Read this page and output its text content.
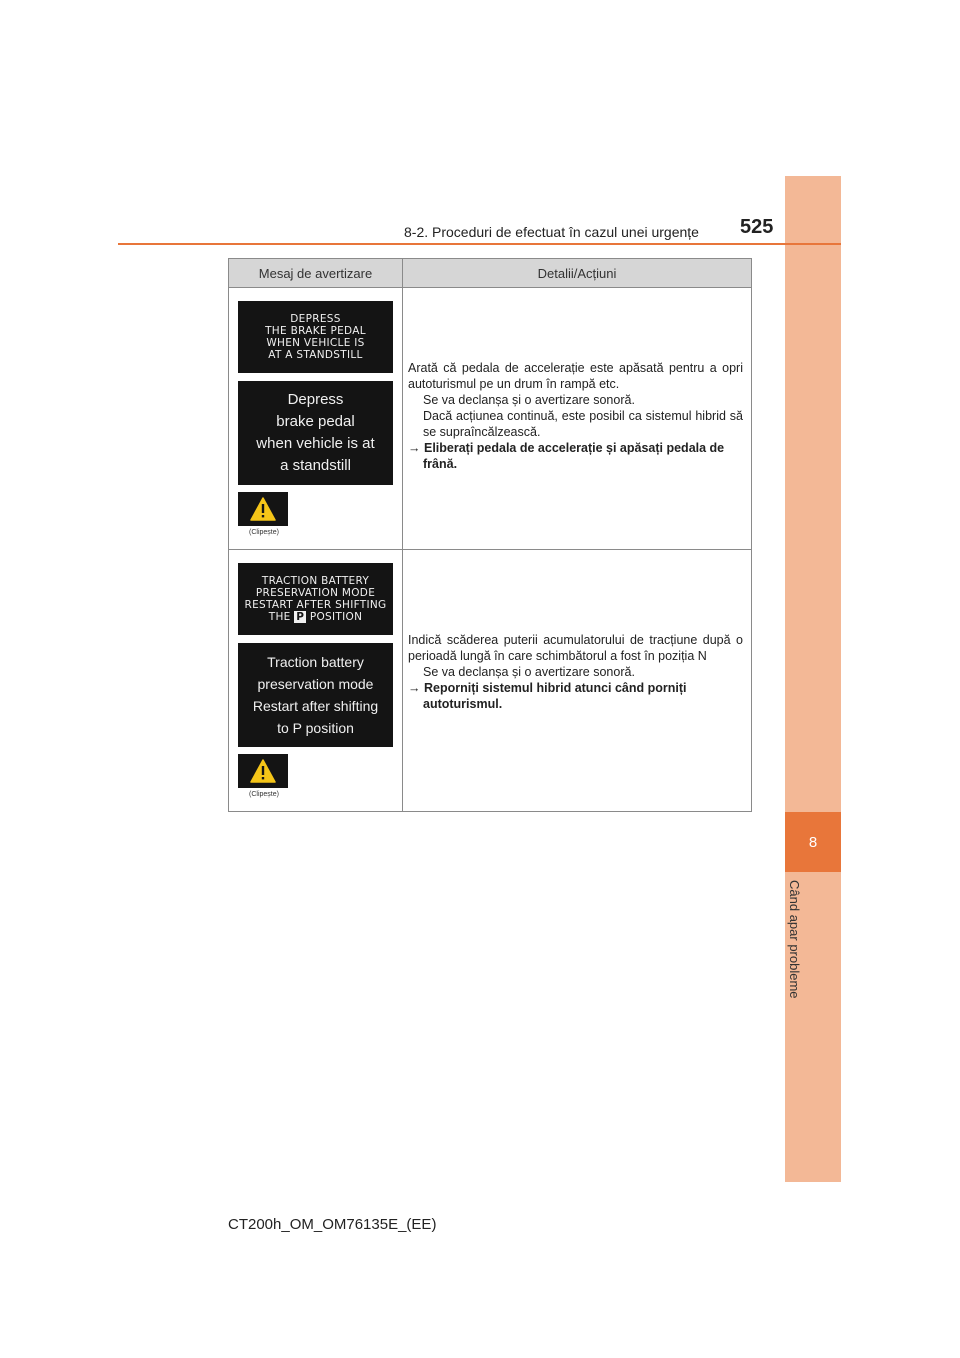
8
Când apar probleme
8-2. Proceduri de efectuat în cazul unei urgențe 525
Mesaj de avertizare	Detalii/Acțiuni
DEPRESS
THE BRAKE PEDAL
WHEN VEHICLE IS
AT A STANDSTILL
Depress
brake pedal
when vehicle is at
a standstill
(Clipește)
Arată că pedala de accelerație este apăsată pentru a opri autoturismul pe un drum în rampă etc.
Se va declanșa și o avertizare sonoră.
Dacă acțiunea continuă, este posibil ca sistemul hibrid să se supraîncălzească.
→ Eliberați pedala de accelerație și apăsați pedala de frână.
TRACTION BATTERY
PRESERVATION MODE
RESTART AFTER SHIFTING
THE P POSITION
Traction battery
preservation mode
Restart after shifting
to P position
(Clipește)
Indică scăderea puterii acumulatorului de tracțiune după o perioadă lungă în care schimbătorul a fost în poziția N
Se va declanșa și o avertizare sonoră.
→ Reporniți sistemul hibrid atunci când porniți autoturismul.
CT200h_OM_OM76135E_(EE)
